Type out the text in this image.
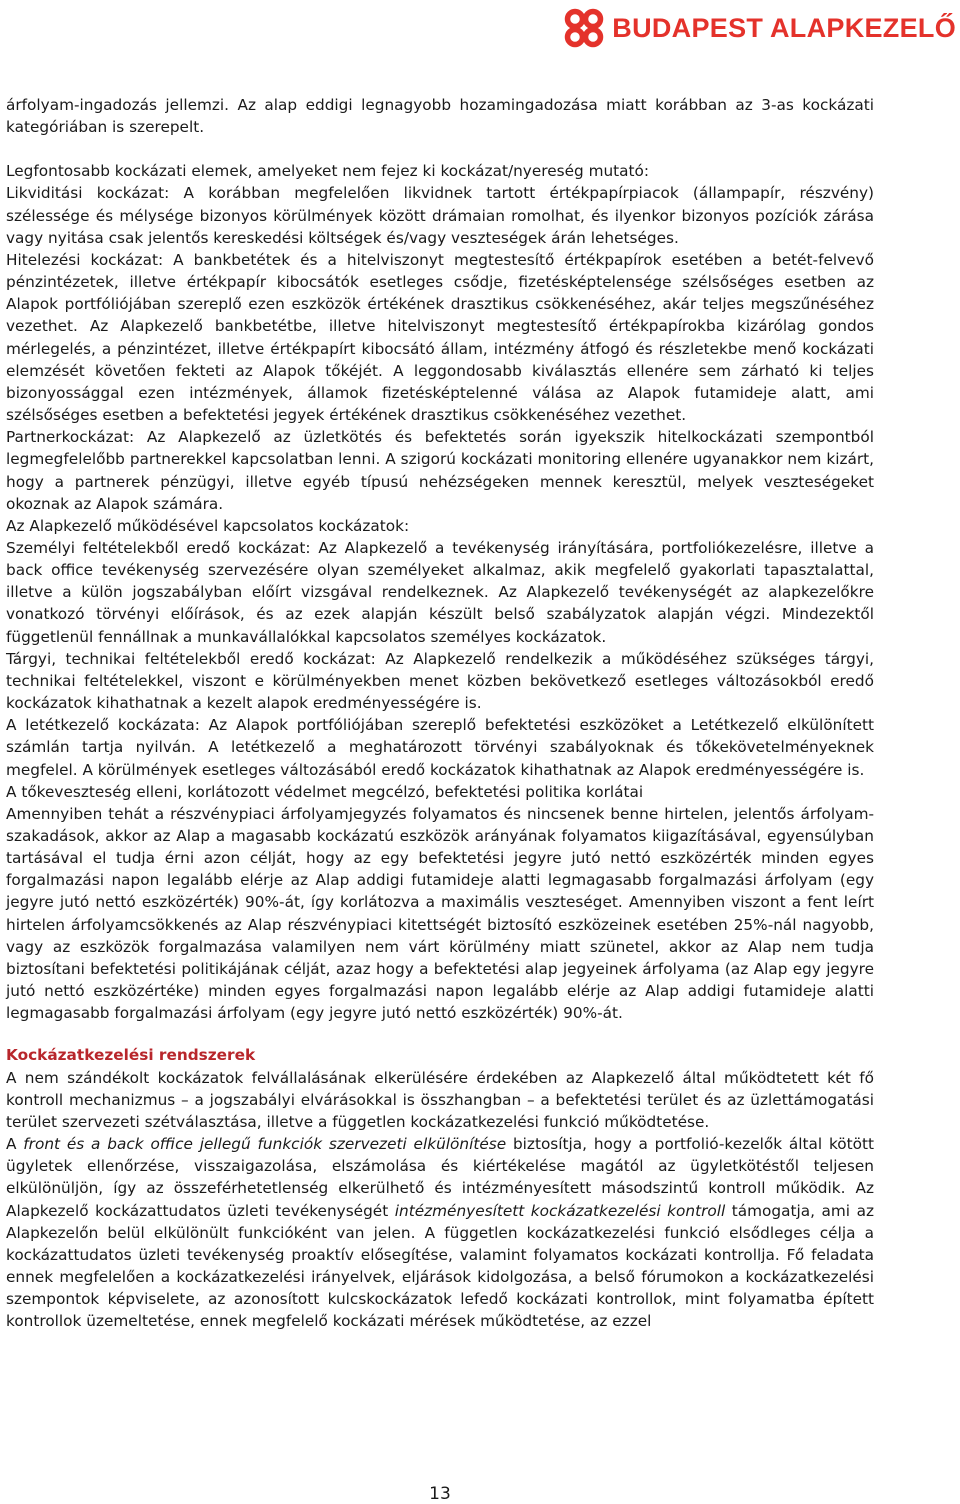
BUDAPEST ALAPKEZELŐ

árfolyam-ingadozás jellemzi. Az alap eddigi legnagyobb hozamingadozása miatt korábban az 3-as kockázati kategóriában is szerepelt.

Legfontosabb kockázati elemek, amelyeket nem fejez ki kockázat/nyereség mutató:

Likviditási kockázat: A korábban megfelelően likvidnek tartott értékpapírpiacok (állampapír, részvény) szélessége és mélysége bizonyos körülmények között drámaian romolhat, és ilyenkor bizonyos pozíciók zárása vagy nyitása csak jelentős kereskedési költségek és/vagy veszteségek árán lehetséges.

Hitelezési kockázat: A bankbetétek és a hitelviszonyt megtestesítő értékpapírok esetében a betét-felvevő pénzintézetek, illetve értékpapír kibocsátók esetleges csődje, fizetésképtelensége szélsőséges esetben az Alapok portfóliójában szereplő ezen eszközök értékének drasztikus csökkenéséhez, akár teljes megszűnéséhez vezethet. Az Alapkezelő bankbetétbe, illetve hitelviszonyt megtestesítő értékpapírokba kizárólag gondos mérlegelés, a pénzintézet, illetve értékpapírt kibocsátó állam, intézmény átfogó és részletekbe menő kockázati elemzését követően fekteti az Alapok tőkéjét. A leggondosabb kiválasztás ellenére sem zárható ki teljes bizonyossággal ezen intézmények, államok fizetésképtelenné válása az Alapok futamideje alatt, ami szélsőséges esetben a befektetési jegyek értékének drasztikus csökkenéséhez vezethet.

Partnerkockázat: Az Alapkezelő az üzletkötés és befektetés során igyekszik hitelkockázati szempontból legmegfelelőbb partnerekkel kapcsolatban lenni. A szigorú kockázati monitoring ellenére ugyanakkor nem kizárt, hogy a partnerek pénzügyi, illetve egyéb típusú nehézségeken mennek keresztül, melyek veszteségeket okoznak az Alapok számára.

Az Alapkezelő működésével kapcsolatos kockázatok:

Személyi feltételekből eredő kockázat: Az Alapkezelő a tevékenység irányítására, portfoliókezelésre, illetve a back office tevékenység szervezésére olyan személyeket alkalmaz, akik megfelelő gyakorlati tapasztalattal, illetve a külön jogszabályban előírt vizsgával rendelkeznek. Az Alapkezelő tevékenységét az alapkezelőkre vonatkozó törvényi előírások, és az ezek alapján készült belső szabályzatok alapján végzi. Mindezektől függetlenül fennállnak a munkavállalókkal kapcsolatos személyes kockázatok.

Tárgyi, technikai feltételekből eredő kockázat: Az Alapkezelő rendelkezik a működéséhez szükséges tárgyi, technikai feltételekkel, viszont e körülményekben menet közben bekövetkező esetleges változásokból eredő kockázatok kihathatnak a kezelt alapok eredményességére is.

A letétkezelő kockázata: Az Alapok portfóliójában szereplő befektetési eszközöket a Letétkezelő elkülönített számlán tartja nyilván. A letétkezelő a meghatározott törvényi szabályoknak és tőkekövetelményeknek megfelel. A körülmények esetleges változásából eredő kockázatok kihathatnak az Alapok eredményességére is.

A tőkeveszteség elleni, korlátozott védelmet megcélzó, befektetési politika korlátai

Amennyiben tehát a részvénypiaci árfolyamjegyzés folyamatos és nincsenek benne hirtelen, jelentős árfolyam-szakadások, akkor az Alap a magasabb kockázatú eszközök arányának folyamatos kiigazításával, egyensúlyban tartásával el tudja érni azon célját, hogy az egy befektetési jegyre jutó nettó eszközérték minden egyes forgalmazási napon legalább elérje az Alap addigi futamideje alatti legmagasabb forgalmazási árfolyam (egy jegyre jutó nettó eszközérték) 90%-át, így korlátozva a maximális veszteséget. Amennyiben viszont a fent leírt hirtelen árfolyamcsökkenés az Alap részvénypiaci kitettségét biztosító eszközeinek esetében 25%-nál nagyobb, vagy az eszközök forgalmazása valamilyen nem várt körülmény miatt szünetel, akkor az Alap nem tudja biztosítani befektetési politikájának célját, azaz hogy a befektetési alap jegyeinek árfolyama (az Alap egy jegyre jutó nettó eszközértéke) minden egyes forgalmazási napon legalább elérje az Alap addigi futamideje alatti legmagasabb forgalmazási árfolyam (egy jegyre jutó nettó eszközérték) 90%-át.

Kockázatkezelési rendszerek

A nem szándékolt kockázatok felvállalásának elkerülésére érdekében az Alapkezelő által működtetett két fő kontroll mechanizmus – a jogszabályi elvárásokkal is összhangban – a befektetési terület és az üzlettámogatási terület szervezeti szétválasztása, illetve a független kockázatkezelési funkció működtetése.

A front és a back office jellegű funkciók szervezeti elkülönítése biztosítja, hogy a portfolió-kezelők által kötött ügyletek ellenőrzése, visszaigazolása, elszámolása és kiértékelése magától az ügyletkötéstől teljesen elkülönüljön, így az összeférhetetlenség elkerülhető és intézményesített másodszintű kontroll működik. Az Alapkezelő kockázattudatos üzleti tevékenységét intézményesített kockázatkezelési kontroll támogatja, ami az Alapkezelőn belül elkülönült funkcióként van jelen. A független kockázatkezelési funkció elsődleges célja a kockázattudatos üzleti tevékenység proaktív elősegítése, valamint folyamatos kockázati kontrollja. Fő feladata ennek megfelelően a kockázatkezelési irányelvek, eljárások kidolgozása, a belső fórumokon a kockázatkezelési szempontok képviselete, az azonosított kulcskockázatok lefedő kockázati kontrollok, mint folyamatba épített kontrollok üzemeltetése, ennek megfelelő kockázati mérések működtetése, az ezzel

13
